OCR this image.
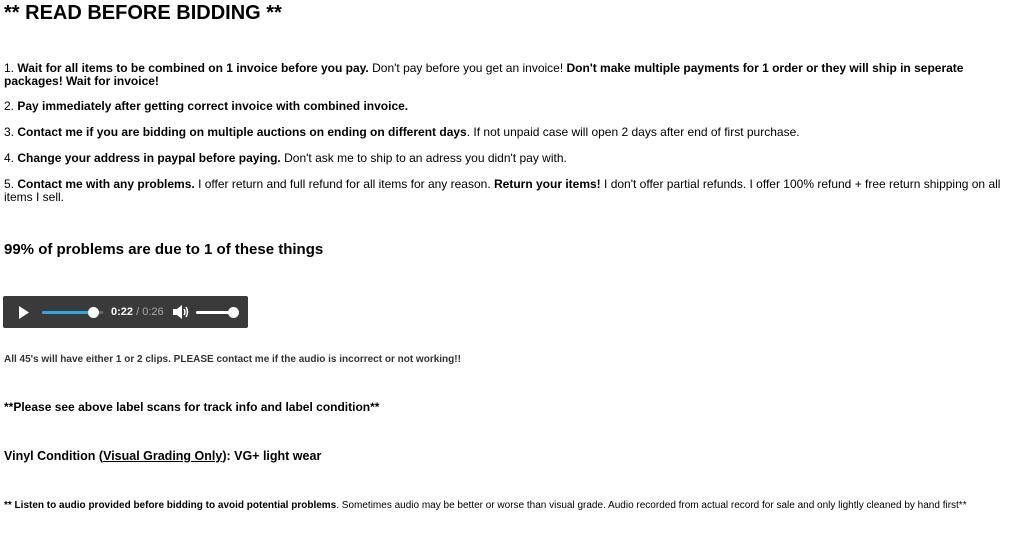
** READ BEFORE BIDDING **
1. Wait for all items to be combined on 1 invoice before you pay. Don't pay before you get an invoice! Don't make multiple payments for 1 order or they will ship in seperate packages! Wait for invoice!
2. Pay immediately after getting correct invoice with combined invoice.
3. Contact me if you are bidding on multiple auctions on ending on different days. If not unpaid case will open 2 days after end of first purchase.
4. Change your address in paypal before paying. Don't ask me to ship to an adress you didn't pay with.
5. Contact me with any problems. I offer return and full refund for all items for any reason. Return your items! I don't offer partial refunds. I offer 100% refund + free return shipping on all items I sell.
99% of problems are due to 1 of these things
0:22 / 0:26
All 45's will have either 1 or 2 clips. PLEASE contact me if the audio is incorrect or not working!!
**Please see above label scans for track info and label condition**
Vinyl Condition (Visual Grading Only): VG+ light wear
** Listen to audio provided before bidding to avoid potential problems. Sometimes audio may be better or worse than visual grade. Audio recorded from actual record for sale and only lightly cleaned by hand first**
